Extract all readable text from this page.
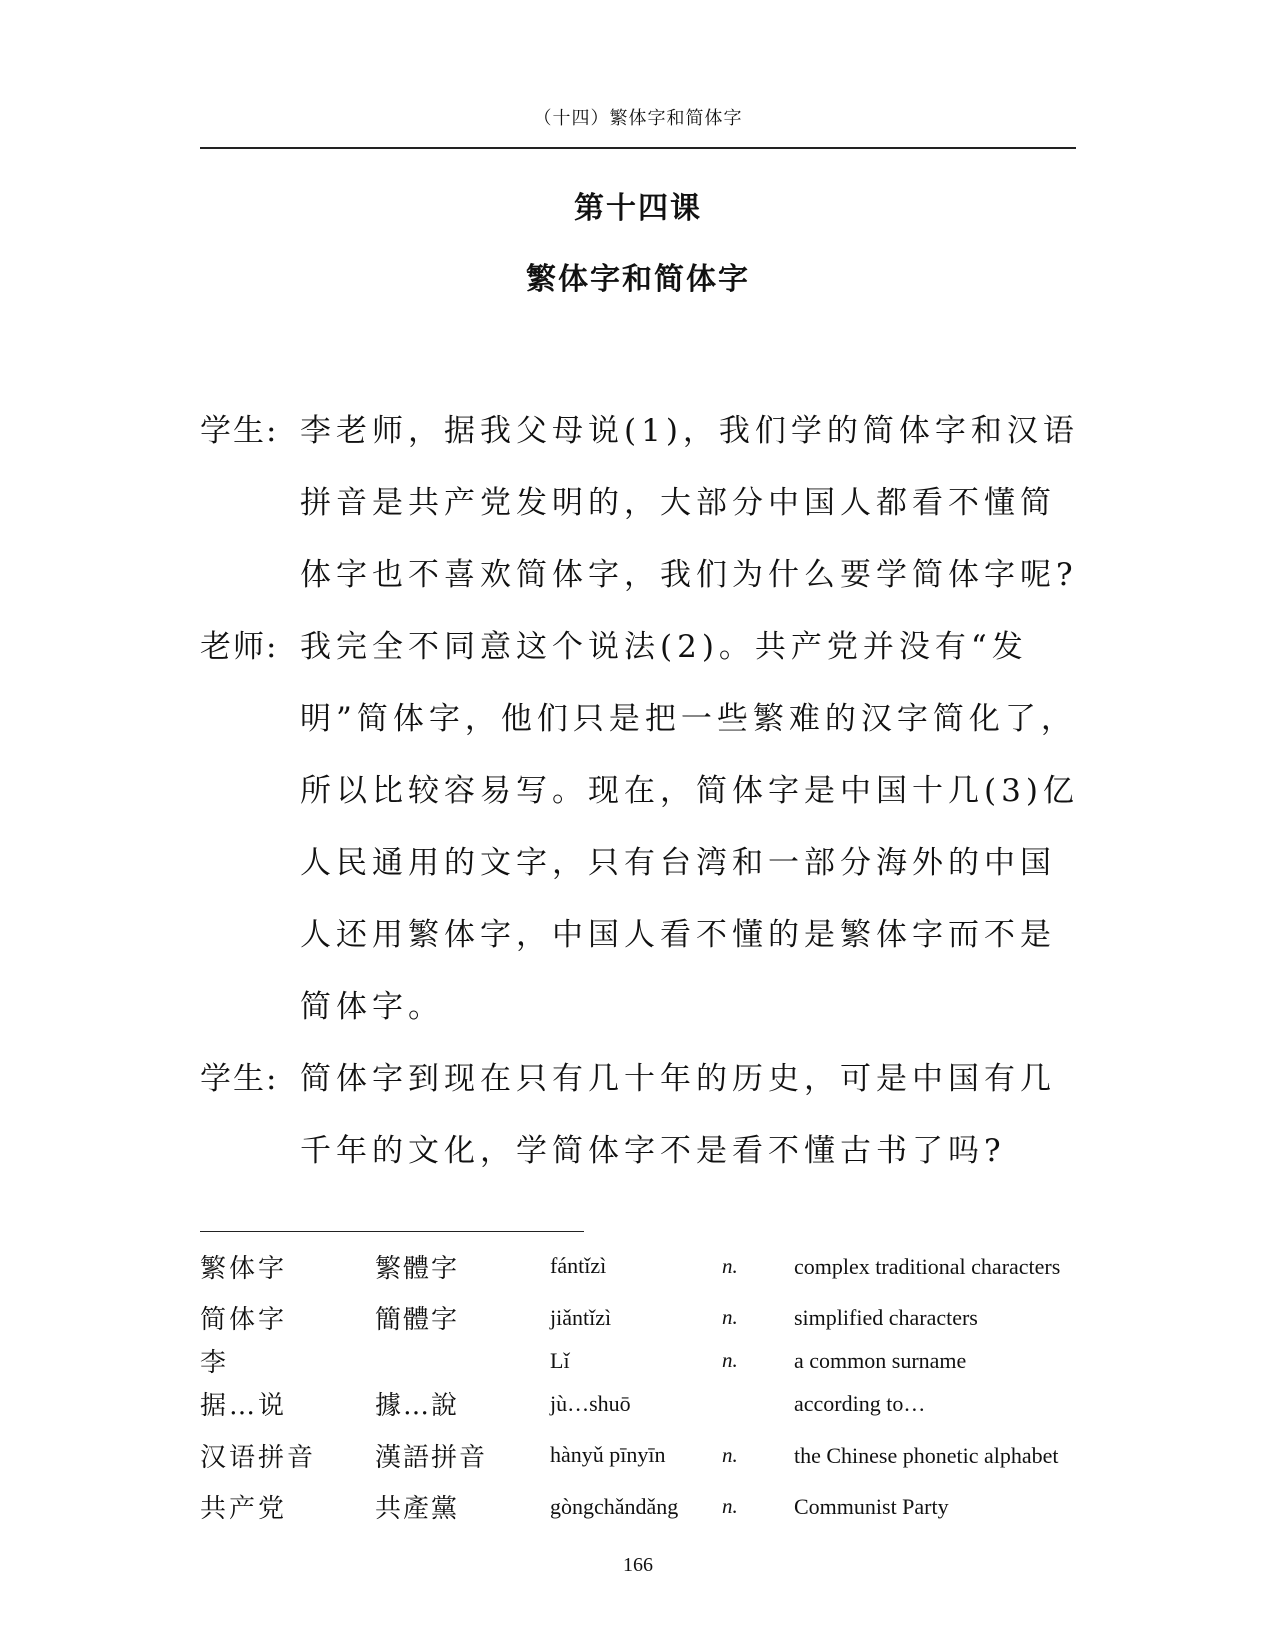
（十四）繁体字和简体字
第十四课
繁体字和简体字
学生: 李老师，据我父母说(1)，我们学的简体字和汉语拼音是共产党发明的，大部分中国人都看不懂简体字也不喜欢简体字，我们为什么要学简体字呢?
老师: 我完全不同意这个说法(2)。共产党并没有“发明”简体字，他们只是把一些繁难的汉字简化了，所以比较容易写。现在，简体字是中国十几(3)亿人民通用的文字，只有台湾和一部分海外的中国人还用繁体字，中国人看不懂的是繁体字而不是简体字。
学生: 简体字到现在只有几十年的历史，可是中国有几千年的文化，学简体字不是看不懂古书了吗?
繁体字	繁體字	fántǐzì	n.	complex traditional characters
简体字	簡體字	jiǎntǐzì	n.	simplified characters
李		Lǐ	n.	a common surname
据…说	據…說	jù…shuō		according to…
汉语拼音	漢語拼音	hànyǔ pīnyīn	n.	the Chinese phonetic alphabet
共产党	共產黨	gòngchǎndǎng	n.	Communist Party
166
